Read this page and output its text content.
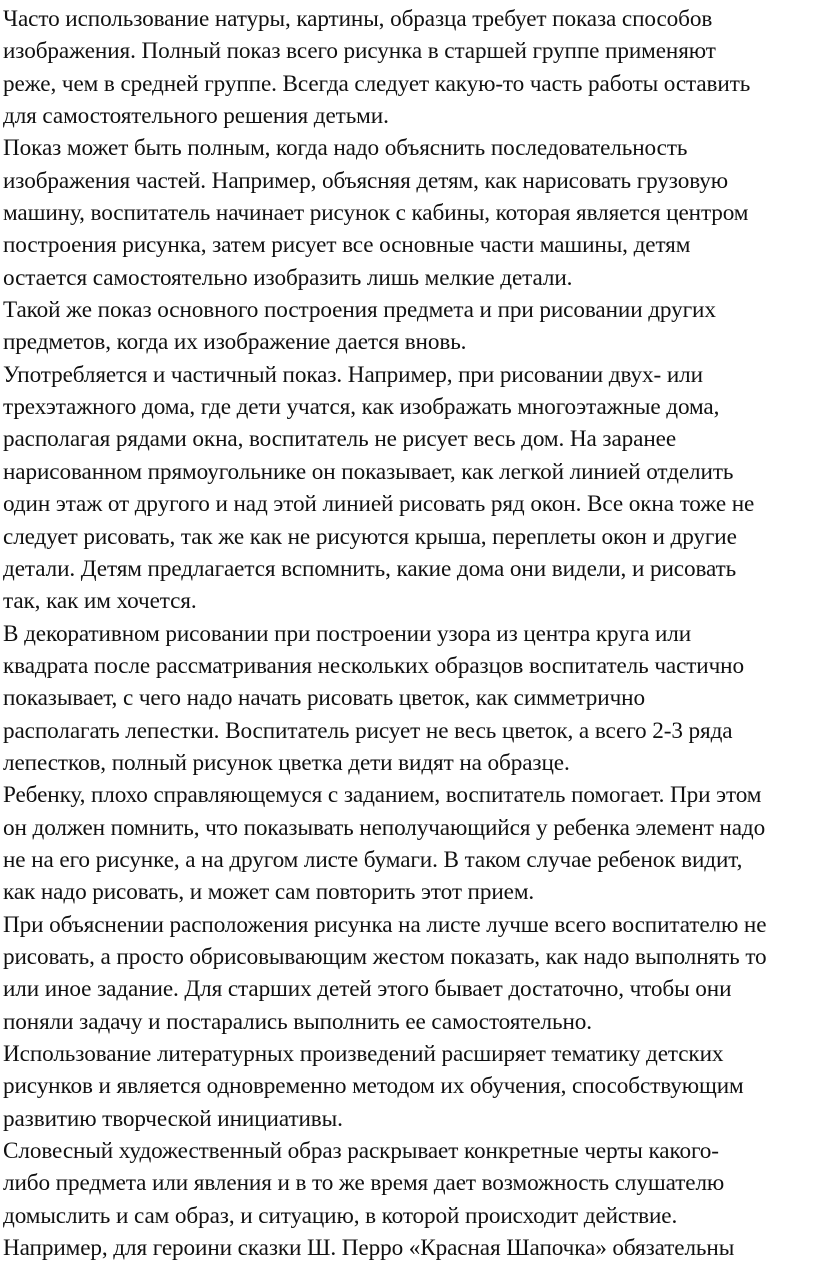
Часто использование натуры, картины, образца требует показа способов
изображения. Полный показ всего рисунка в старшей группе применяют
реже, чем в средней группе. Всегда следует какую-то часть работы оставить
для самостоятельного решения детьми.

Показ может быть полным, когда надо объяснить последовательность
изображения частей. Например, объясняя детям, как нарисовать грузовую
машину, воспитатель начинает рисунок с кабины, которая является центром
построения рисунка, затем рисует все основные части машины, детям
остается самостоятельно изобразить лишь мелкие детали.

Такой же показ основного построения предмета и при рисовании других
предметов, когда их изображение дается вновь.

Употребляется и частичный показ. Например, при рисовании двух- или
трехэтажного дома, где дети учатся, как изображать многоэтажные дома,
располагая рядами окна, воспитатель не рисует весь дом. На заранее
нарисованном прямоугольнике он показывает, как легкой линией отделить
один этаж от другого и над этой линией рисовать ряд окон. Все окна тоже не
следует рисовать, так же как не рисуются крыша, переплеты окон и другие
детали. Детям предлагается вспомнить, какие дома они видели, и рисовать
так, как им хочется.

В декоративном рисовании при построении узора из центра круга или
квадрата после рассматривания нескольких образцов воспитатель частично
показывает, с чего надо начать рисовать цветок, как симметрично
располагать лепестки. Воспитатель рисует не весь цветок, а всего 2-3 ряда
лепестков, полный рисунок цветка дети видят на образце.

Ребенку, плохо справляющемуся с заданием, воспитатель помогает. При этом
он должен помнить, что показывать неполучающийся у ребенка элемент надо
не на его рисунке, а на другом листе бумаги. В таком случае ребенок видит,
как надо рисовать, и может сам повторить этот прием.

При объяснении расположения рисунка на листе лучше всего воспитателю не
рисовать, а просто обрисовывающим жестом показать, как надо выполнять то
или иное задание. Для старших детей этого бывает достаточно, чтобы они
поняли задачу и постарались выполнить ее самостоятельно.

Использование литературных произведений расширяет тематику детских
рисунков и является одновременно методом их обучения, способствующим
развитию творческой инициативы.

Словесный художественный образ раскрывает конкретные черты какого-
либо предмета или явления и в то же время дает возможность слушателю
домыслить и сам образ, и ситуацию, в которой происходит действие.
Например, для героини сказки Ш. Перро «Красная Шапочка» обязательны
